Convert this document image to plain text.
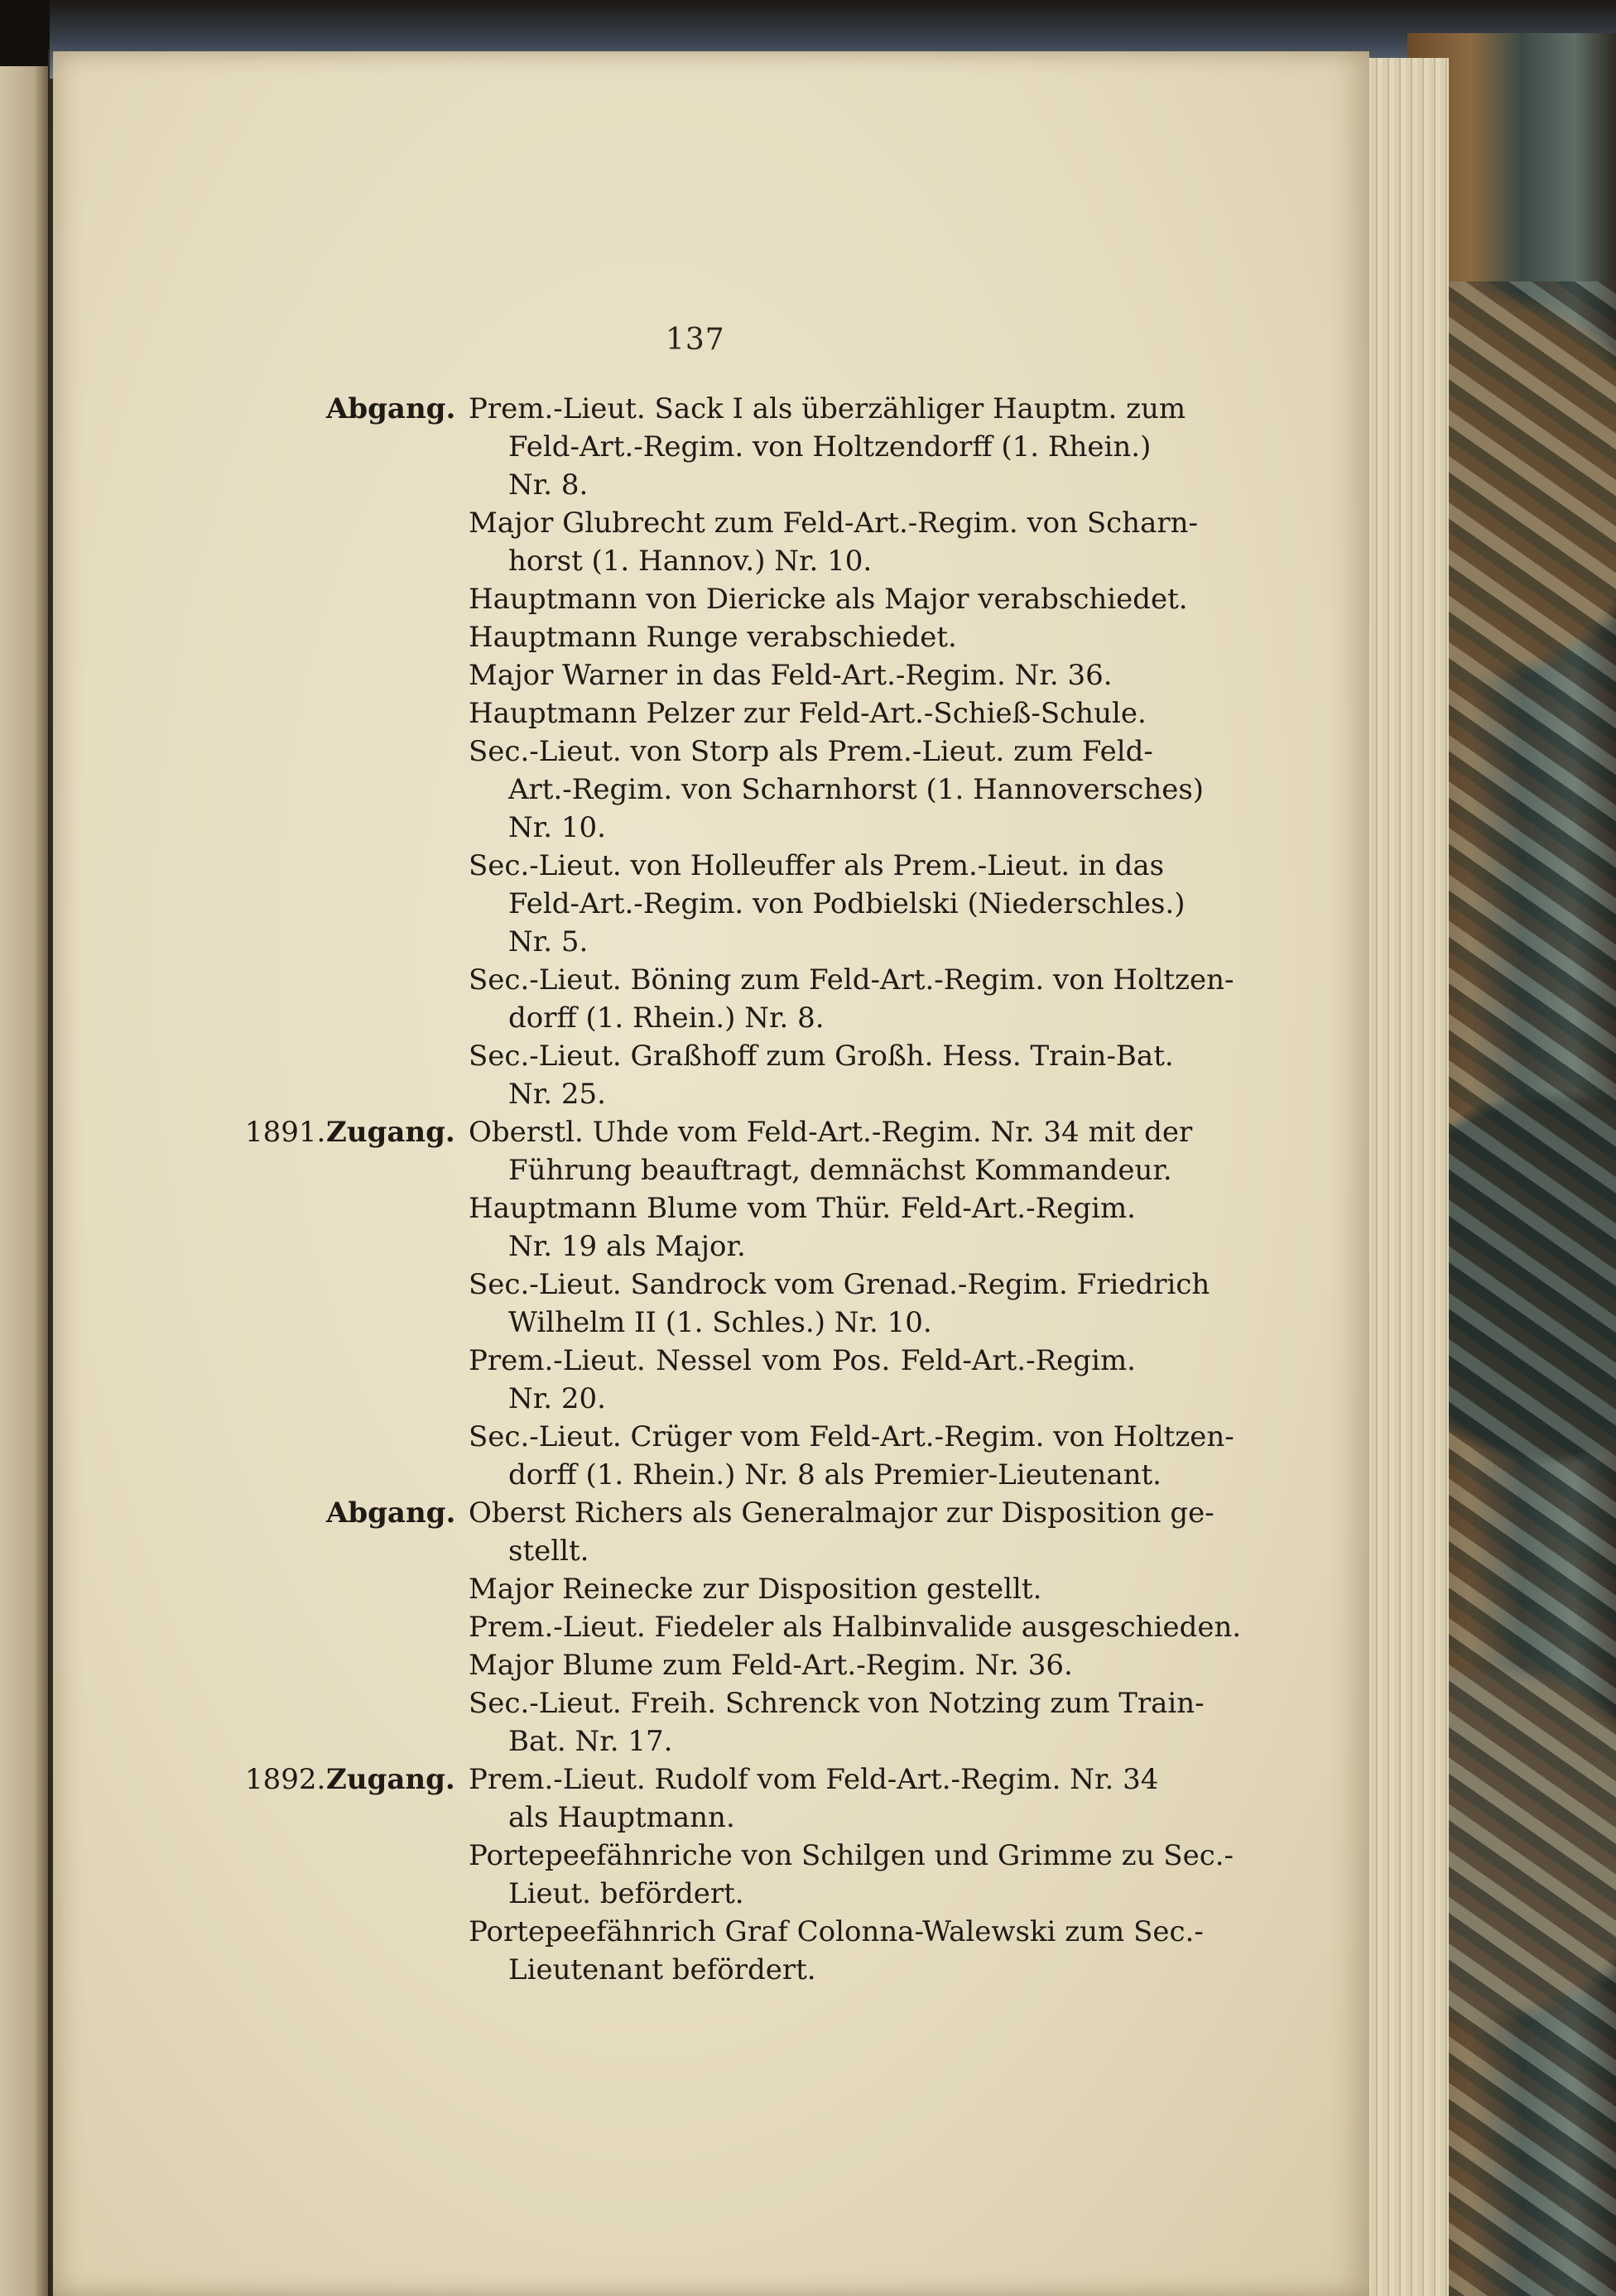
137
Abgang. Prem.-Lieut. Sack I als überzähliger Hauptm. zum
Feld-Art.-Regim. von Holtzendorff (1. Rhein.)
Nr. 8.
Major Glubrecht zum Feld-Art.-Regim. von Scharn-
horst (1. Hannov.) Nr. 10.
Hauptmann von Diericke als Major verabschiedet.
Hauptmann Runge verabschiedet.
Major Warner in das Feld-Art.-Regim. Nr. 36.
Hauptmann Pelzer zur Feld-Art.-Schieß-Schule.
Sec.-Lieut. von Storp als Prem.-Lieut. zum Feld-
Art.-Regim. von Scharnhorst (1. Hannoversches)
Nr. 10.
Sec.-Lieut. von Holleuffer als Prem.-Lieut. in das
Feld-Art.-Regim. von Podbielski (Niederschles.)
Nr. 5.
Sec.-Lieut. Böning zum Feld-Art.-Regim. von Holtzen-
dorff (1. Rhein.) Nr. 8.
Sec.-Lieut. Graßhoff zum Großh. Hess. Train-Bat.
Nr. 25.
1891. Zugang. Oberstl. Uhde vom Feld-Art.-Regim. Nr. 34 mit der
Führung beauftragt, demnächst Kommandeur.
Hauptmann Blume vom Thür. Feld-Art.-Regim.
Nr. 19 als Major.
Sec.-Lieut. Sandrock vom Grenad.-Regim. Friedrich
Wilhelm II (1. Schles.) Nr. 10.
Prem.-Lieut. Nessel vom Pos. Feld-Art.-Regim.
Nr. 20.
Sec.-Lieut. Crüger vom Feld-Art.-Regim. von Holtzen-
dorff (1. Rhein.) Nr. 8 als Premier-Lieutenant.
Abgang. Oberst Richers als Generalmajor zur Disposition ge-
stellt.
Major Reinecke zur Disposition gestellt.
Prem.-Lieut. Fiedeler als Halbinvalide ausgeschieden.
Major Blume zum Feld-Art.-Regim. Nr. 36.
Sec.-Lieut. Freih. Schrenck von Notzing zum Train-
Bat. Nr. 17.
1892. Zugang. Prem.-Lieut. Rudolf vom Feld-Art.-Regim. Nr. 34
als Hauptmann.
Portepeefähnriche von Schilgen und Grimme zu Sec.-
Lieut. befördert.
Portepeefähnrich Graf Colonna-Walewski zum Sec.-
Lieutenant befördert.
